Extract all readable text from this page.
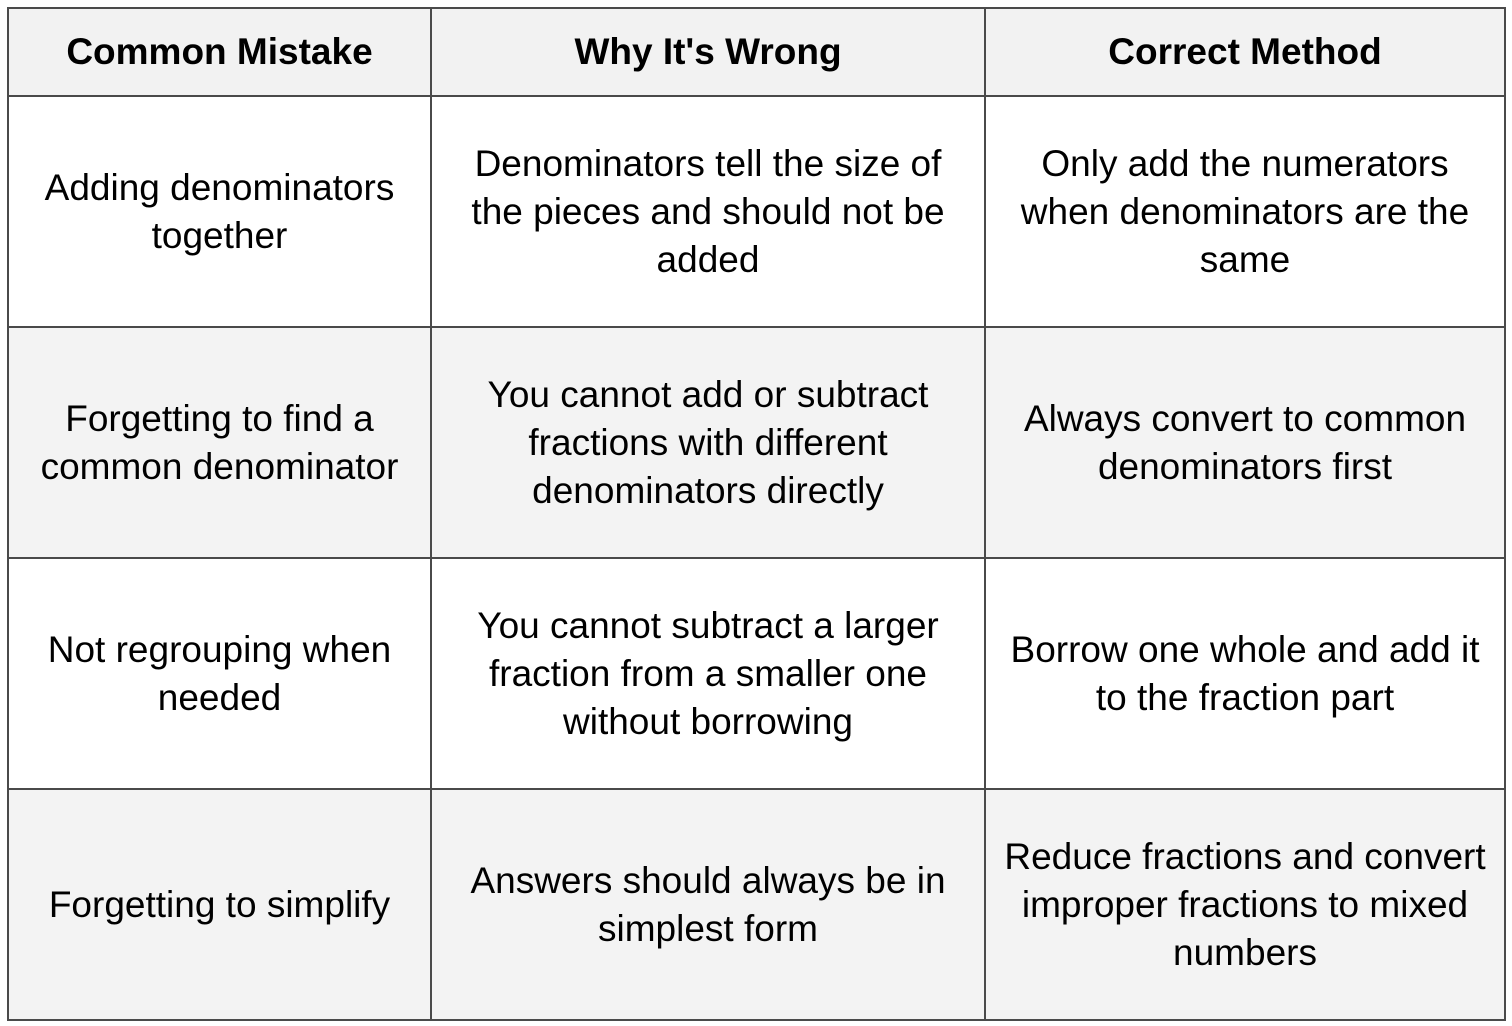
Common Mistake	Why It's Wrong	Correct Method
Adding denominators together	Denominators tell the size of the pieces and should not be added	Only add the numerators when denominators are the same
Forgetting to find a common denominator	You cannot add or subtract fractions with different denominators directly	Always convert to common denominators first
Not regrouping when needed	You cannot subtract a larger fraction from a smaller one without borrowing	Borrow one whole and add it to the fraction part
Forgetting to simplify	Answers should always be in simplest form	Reduce fractions and convert improper fractions to mixed numbers
